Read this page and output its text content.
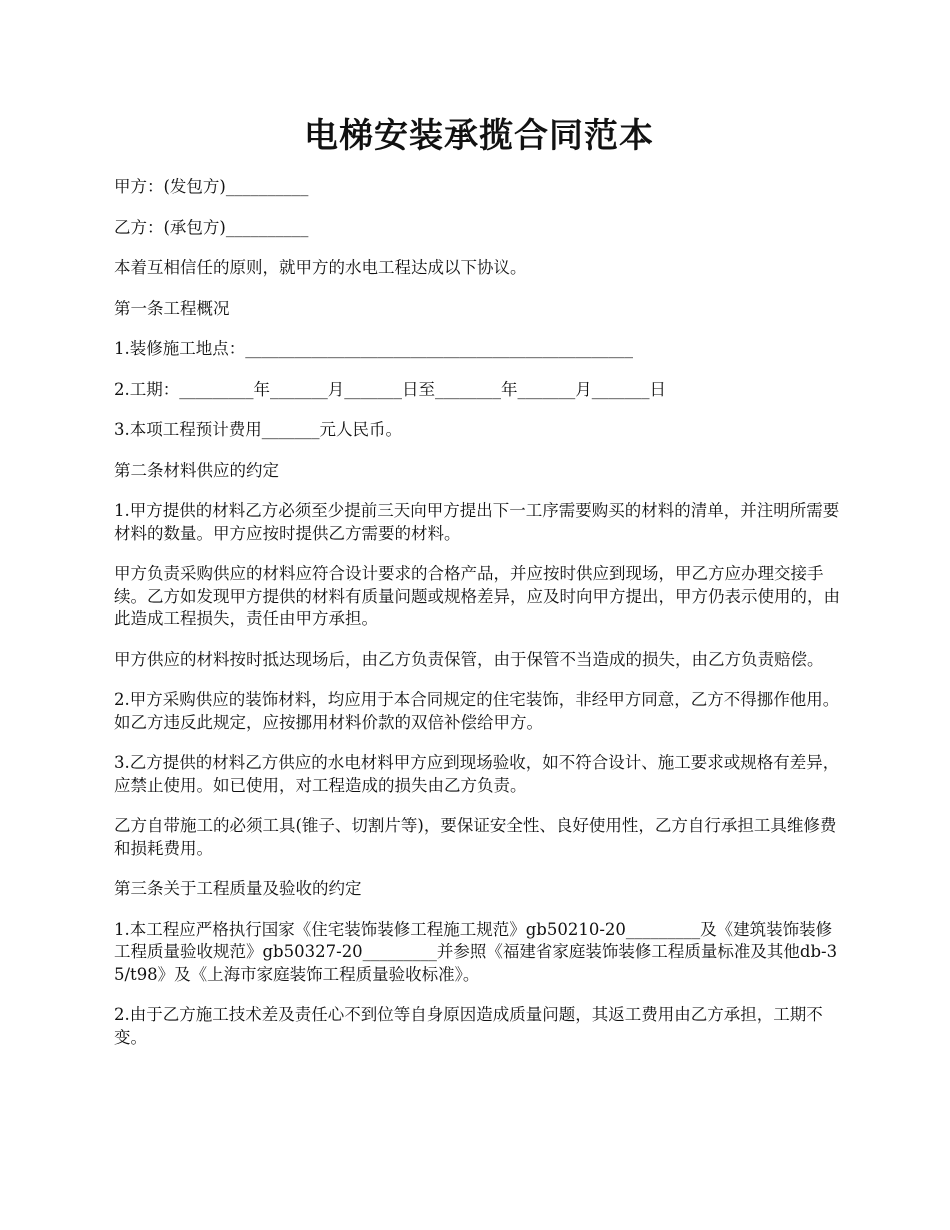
电梯安装承揽合同范本

甲方：(发包方)__________

乙方：(承包方)__________

本着互相信任的原则，就甲方的水电工程达成以下协议。

第一条工程概况

1.装修施工地点：_______________________________________________

2.工期：_________年_______月_______日至________年_______月_______日

3.本项工程预计费用_______元人民币。

第二条材料供应的约定

1.甲方提供的材料乙方必须至少提前三天向甲方提出下一工序需要购买的材料的清单，并注明所需要材料的数量。甲方应按时提供乙方需要的材料。

甲方负责采购供应的材料应符合设计要求的合格产品，并应按时供应到现场，甲乙方应办理交接手续。乙方如发现甲方提供的材料有质量问题或规格差异，应及时向甲方提出，甲方仍表示使用的，由此造成工程损失，责任由甲方承担。

甲方供应的材料按时抵达现场后，由乙方负责保管，由于保管不当造成的损失，由乙方负责赔偿。

2.甲方采购供应的装饰材料，均应用于本合同规定的住宅装饰，非经甲方同意，乙方不得挪作他用。如乙方违反此规定，应按挪用材料价款的双倍补偿给甲方。

3.乙方提供的材料乙方供应的水电材料甲方应到现场验收，如不符合设计、施工要求或规格有差异，应禁止使用。如已使用，对工程造成的损失由乙方负责。

乙方自带施工的必须工具(锥子、切割片等)，要保证安全性、良好使用性，乙方自行承担工具维修费和损耗费用。

第三条关于工程质量及验收的约定

1.本工程应严格执行国家《住宅装饰装修工程施工规范》gb50210-20_________及《建筑装饰装修工程质量验收规范》gb50327-20_________并参照《福建省家庭装饰装修工程质量标准及其他db-35/t98》及《上海市家庭装饰工程质量验收标准》。

2.由于乙方施工技术差及责任心不到位等自身原因造成质量问题，其返工费用由乙方承担，工期不变。
